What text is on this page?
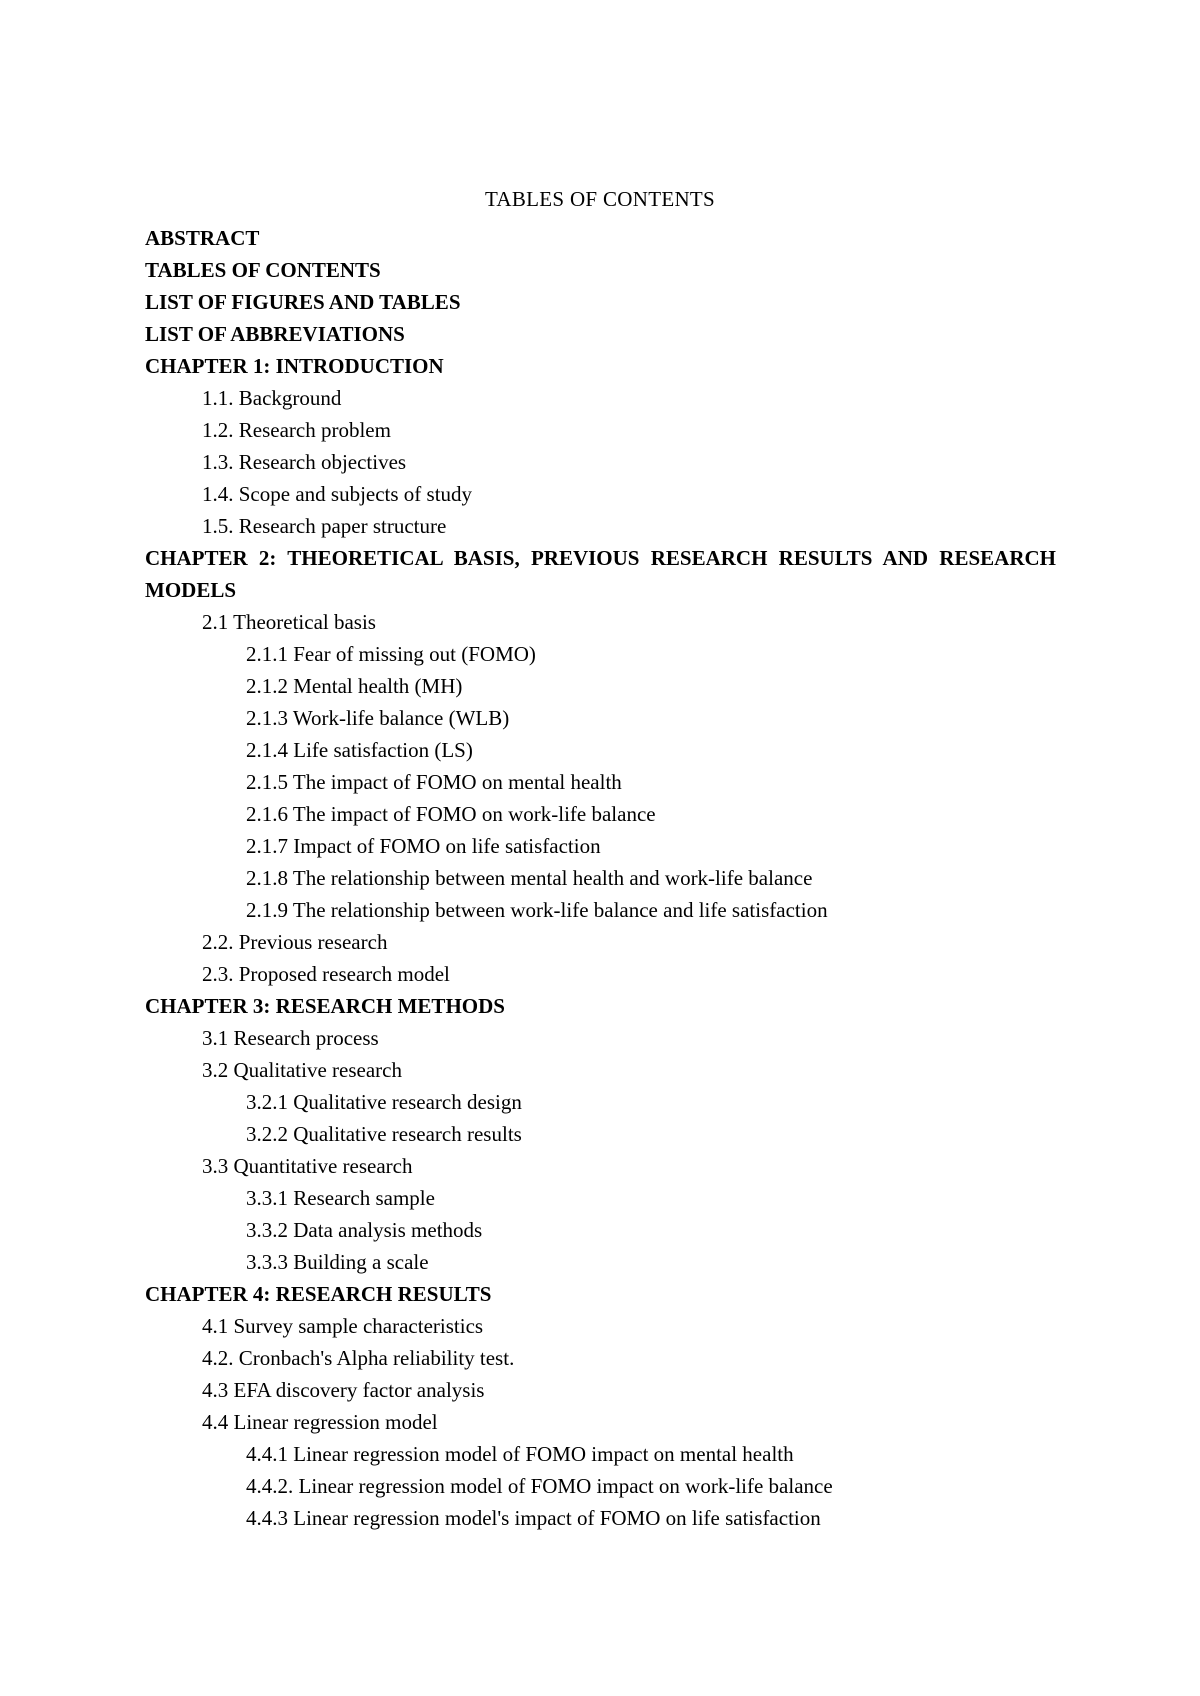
TABLES OF CONTENTS
ABSTRACT
TABLES OF CONTENTS
LIST OF FIGURES AND TABLES
LIST OF ABBREVIATIONS
CHAPTER 1: INTRODUCTION
1.1. Background
1.2. Research problem
1.3. Research objectives
1.4. Scope and subjects of study
1.5. Research paper structure
CHAPTER 2: THEORETICAL BASIS, PREVIOUS RESEARCH RESULTS AND RESEARCH MODELS
2.1 Theoretical basis
2.1.1 Fear of missing out (FOMO)
2.1.2 Mental health (MH)
2.1.3 Work-life balance (WLB)
2.1.4 Life satisfaction (LS)
2.1.5 The impact of FOMO on mental health
2.1.6 The impact of FOMO on work-life balance
2.1.7 Impact of FOMO on life satisfaction
2.1.8 The relationship between mental health and work-life balance
2.1.9 The relationship between work-life balance and life satisfaction
2.2. Previous research
2.3. Proposed research model
CHAPTER 3: RESEARCH METHODS
3.1 Research process
3.2 Qualitative research
3.2.1 Qualitative research design
3.2.2 Qualitative research results
3.3 Quantitative research
3.3.1 Research sample
3.3.2 Data analysis methods
3.3.3 Building a scale
CHAPTER 4: RESEARCH RESULTS
4.1 Survey sample characteristics
4.2. Cronbach's Alpha reliability test.
4.3 EFA discovery factor analysis
4.4 Linear regression model
4.4.1 Linear regression model of FOMO impact on mental health
4.4.2. Linear regression model of FOMO impact on work-life balance
4.4.3 Linear regression model's impact of FOMO on life satisfaction
